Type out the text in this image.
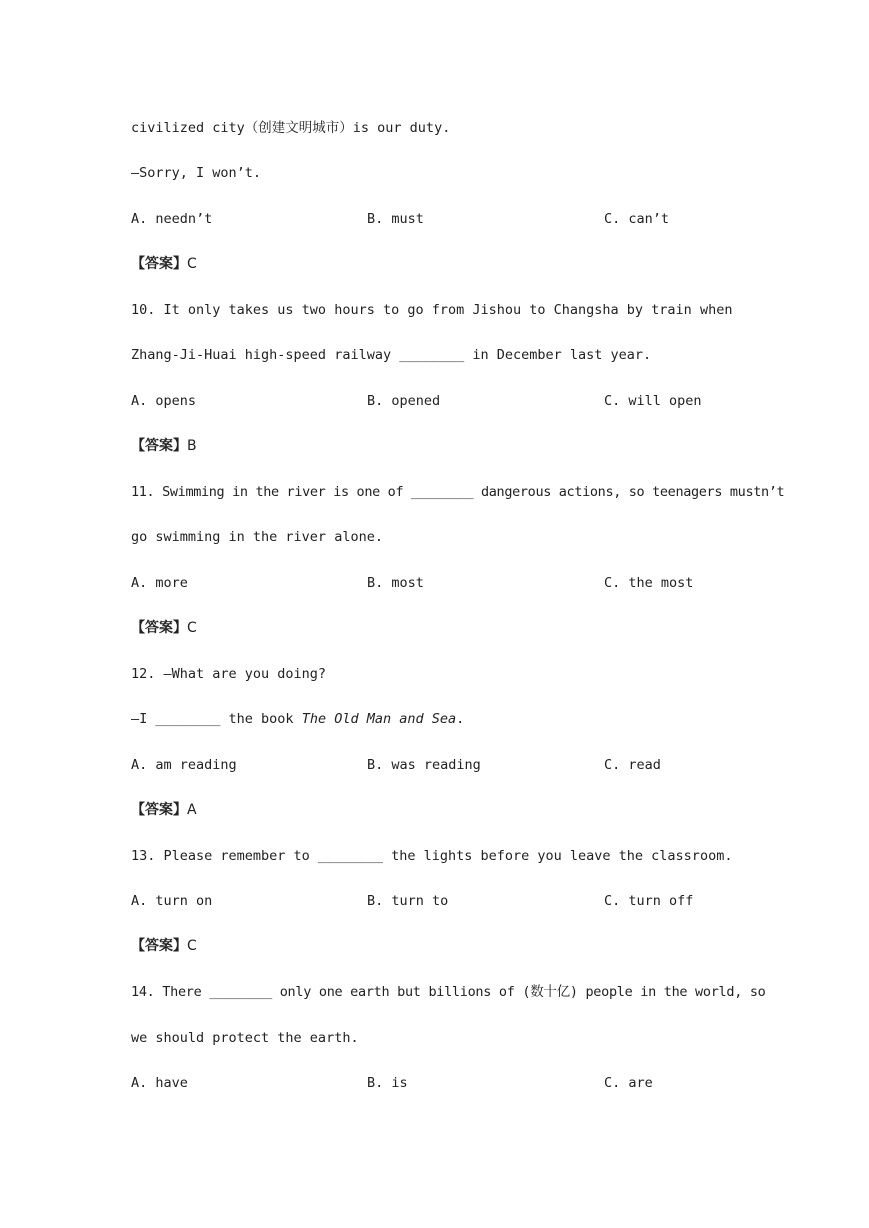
civilized city（创建文明城市）is our duty.
—Sorry, I won’t.
A. needn’t	B. must	C. can’t
【答案】C
10. It only takes us two hours to go from Jishou to Changsha by train when
Zhang-Ji-Huai high-speed railway ________ in December last year.
A. opens	B. opened	C. will open
【答案】B
11. Swimming in the river is one of ________ dangerous actions, so teenagers mustn’t
go swimming in the river alone.
A. more	B. most	C. the most
【答案】C
12. —What are you doing?
—I ________ the book The Old Man and Sea.
A. am reading	B. was reading	C. read
【答案】A
13. Please remember to ________ the lights before you leave the classroom.
A. turn on	B. turn to	C. turn off
【答案】C
14. There ________ only one earth but billions of (数十亿) people in the world, so
we should protect the earth.
A. have	B. is	C. are
